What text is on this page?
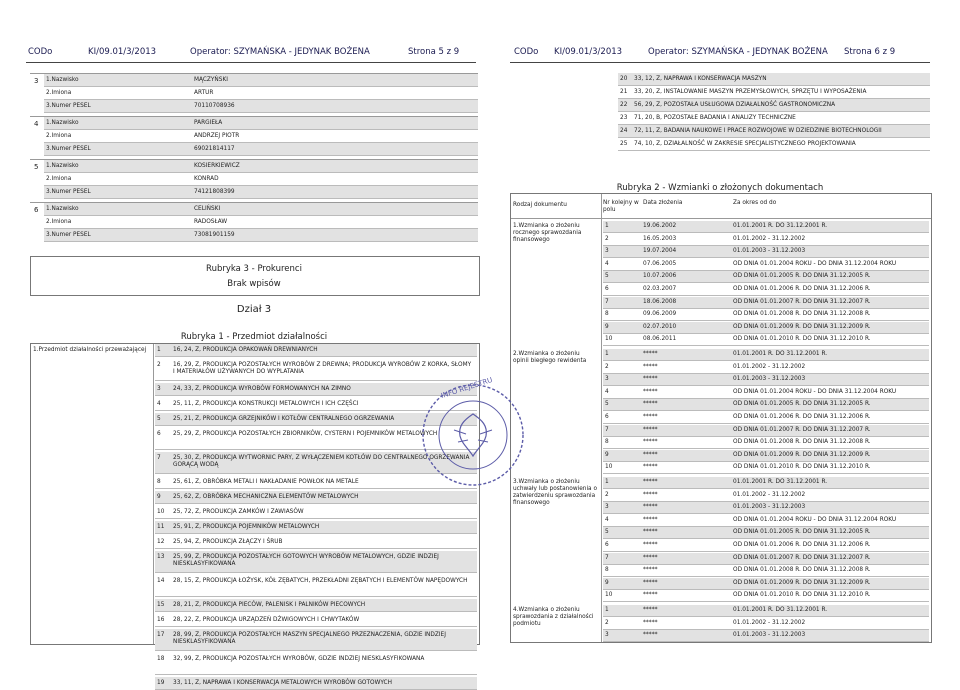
CODo	KI/09.01/3/2013	Operator: SZYMAŃSKA - JEDYNAK BOŻENA	Strona 5 z 9	CODo KI/09.01/3/2013	Operator: SZYMAŃSKA - JEDYNAK BOŻENA Strona 6 z 9
3 1.Nazwisko	MĄCZYŃSKI
2.Imiona	ARTUR
3.Numer PESEL	70110708936
4 1.Nazwisko	PARGIEŁA
2.Imiona	ANDRZEJ PIOTR
3.Numer PESEL	69021814117
5 1.Nazwisko	KOSIERKIEWICZ
2.Imiona	KONRAD
3.Numer PESEL	74121808399
6 1.Nazwisko	CELIŃSKI
2.Imiona	RADOSŁAW
3.Numer PESEL	73081901159
20 33, 12, Z, NAPRAWA I KONSERWACJA MASZYN
21 33, 20, Z, INSTALOWANIE MASZYN PRZEMYSŁOWYCH, SPRZĘTU I WYPOSAŻENIA
22 56, 29, Z, POZOSTAŁA USŁUGOWA DZIAŁALNOŚĆ GASTRONOMICZNA
23 71, 20, B, POZOSTAŁE BADANIA I ANALIZY TECHNICZNE
24 72, 11, Z, BADANIA NAUKOWE I PRACE ROZWOJOWE W DZIEDZINIE BIOTECHNOLOGII
25 74, 10, Z, DZIAŁALNOŚĆ W ZAKRESIE SPECJALISTYCZNEGO PROJEKTOWANIA
Rubryka 3 - Prokurenci
Brak wpisów
Dział 3
Rubryka 1 - Przedmiot działalności
1.Przedmiot działalności przeważającej	1 16, 24, Z, PRODUKCJA OPAKOWAŃ DREWNIANYCH
2 16, 29, Z, PRODUKCJA POZOSTAŁYCH WYROBÓW Z DREWNA; PRODUKCJA WYROBÓW Z KORKA, SŁOMY I MATERIAŁÓW UŻYWANYCH DO WYPLATANIA
3 24, 33, Z, PRODUKCJA WYROBÓW FORMOWANYCH NA ZIMNO
4 25, 11, Z, PRODUKCJA KONSTRUKCJI METALOWYCH I ICH CZĘŚCI
5 25, 21, Z, PRODUKCJA GRZEJNIKÓW I KOTŁÓW CENTRALNEGO OGRZEWANIA
6 25, 29, Z, PRODUKCJA POZOSTAŁYCH ZBIORNIKÓW, CYSTERN I POJEMNIKÓW METALOWYCH
7 25, 30, Z, PRODUKCJA WYTWORNIC PARY, Z WYŁĄCZENIEM KOTŁÓW DO CENTRALNEGO OGRZEWANIA GORĄCĄ WODĄ
8 25, 61, Z, OBRÓBKA METALI I NAKŁADANIE POWŁOK NA METALE
9 25, 62, Z, OBRÓBKA MECHANICZNA ELEMENTÓW METALOWYCH
10 25, 72, Z, PRODUKCJA ZAMKÓW I ZAWIASÓW
11 25, 91, Z, PRODUKCJA POJEMNIKÓW METALOWYCH
12 25, 94, Z, PRODUKCJA ZŁĄCZY I ŚRUB
13 25, 99, Z, PRODUKCJA POZOSTAŁYCH GOTOWYCH WYROBÓW METALOWYCH, GDZIE INDZIEJ NIESKLASYFIKOWANA
14 28, 15, Z, PRODUKCJA ŁOŻYSK, KÓŁ ZĘBATYCH, PRZEKŁADNI ZĘBATYCH I ELEMENTÓW NAPĘDOWYCH
15 28, 21, Z, PRODUKCJA PIECÓW, PALENISK I PALNIKÓW PIECOWYCH
16 28, 22, Z, PRODUKCJA URZĄDZEŃ DŹWIGOWYCH I CHWYTAKÓW
17 28, 99, Z, PRODUKCJA POZOSTAŁYCH MASZYN SPECJALNEGO PRZEZNACZENIA, GDZIE INDZIEJ NIESKLASYFIKOWANA
18 32, 99, Z, PRODUKCJA POZOSTAŁYCH WYROBÓW, GDZIE INDZIEJ NIESKLASYFIKOWANA
19 33, 11, Z, NAPRAWA I KONSERWACJA METALOWYCH WYROBÓW GOTOWYCH
Rubryka 2 - Wzmianki o złożonych dokumentach
Rodzaj dokumentu	Nr kolejny w polu
Data złożenia	Za okres od do
1.Wzmianka o złożeniu rocznego sprawozdania finansowego
1	19.06.2002	01.01.2001 R. DO 31.12.2001 R.
2	16.05.2003	01.01.2002 - 31.12.2002
3	19.07.2004	01.01.2003 - 31.12.2003
4	07.06.2005	OD DNIA 01.01.2004 ROKU - DO DNIA 31.12.2004 ROKU
5	10.07.2006	OD DNIA 01.01.2005 R. DO DNIA 31.12.2005 R.
6	02.03.2007	OD DNIA 01.01.2006 R. DO DNIA 31.12.2006 R.
7	18.06.2008	OD DNIA 01.01.2007 R. DO DNIA 31.12.2007 R.
8	09.06.2009	OD DNIA 01.01.2008 R. DO DNIA 31.12.2008 R.
9	02.07.2010	OD DNIA 01.01.2009 R. DO DNIA 31.12.2009 R.
10	08.06.2011	OD DNIA 01.01.2010 R. DO DNIA 31.12.2010 R.
2.Wzmianka o złożeniu opinii biegłego rewidenta
1	*****	01.01.2001 R. DO 31.12.2001 R.
2	*****	01.01.2002 - 31.12.2002
3	*****	01.01.2003 - 31.12.2003
4	*****	OD DNIA 01.01.2004 ROKU - DO DNIA 31.12.2004 ROKU
5	*****	OD DNIA 01.01.2005 R. DO DNIA 31.12.2005 R.
6	*****	OD DNIA 01.01.2006 R. DO DNIA 31.12.2006 R.
7	*****	OD DNIA 01.01.2007 R. DO DNIA 31.12.2007 R.
8	*****	OD DNIA 01.01.2008 R. DO DNIA 31.12.2008 R.
9	*****	OD DNIA 01.01.2009 R. DO DNIA 31.12.2009 R.
10	*****	OD DNIA 01.01.2010 R. DO DNIA 31.12.2010 R.
3.Wzmianka o złożeniu uchwały lub postanowienia o zatwierdzeniu sprawozdania finansowego
1	*****	01.01.2001 R. DO 31.12.2001 R.
2	*****	01.01.2002 - 31.12.2002
3	*****	01.01.2003 - 31.12.2003
4	*****	OD DNIA 01.01.2004 ROKU - DO DNIA 31.12.2004 ROKU
5	*****	OD DNIA 01.01.2005 R. DO DNIA 31.12.2005 R.
6	*****	OD DNIA 01.01.2006 R. DO DNIA 31.12.2006 R.
7	*****	OD DNIA 01.01.2007 R. DO DNIA 31.12.2007 R.
8	*****	OD DNIA 01.01.2008 R. DO DNIA 31.12.2008 R.
9	*****	OD DNIA 01.01.2009 R. DO DNIA 31.12.2009 R.
10	*****	OD DNIA 01.01.2010 R. DO DNIA 31.12.2010 R.
4.Wzmianka o złożeniu sprawozdania z działalności podmiotu
1	*****	01.01.2001 R. DO 31.12.2001 R.
2	*****	01.01.2002 - 31.12.2002
3	*****	01.01.2003 - 31.12.2003
INFO REJESTRU
